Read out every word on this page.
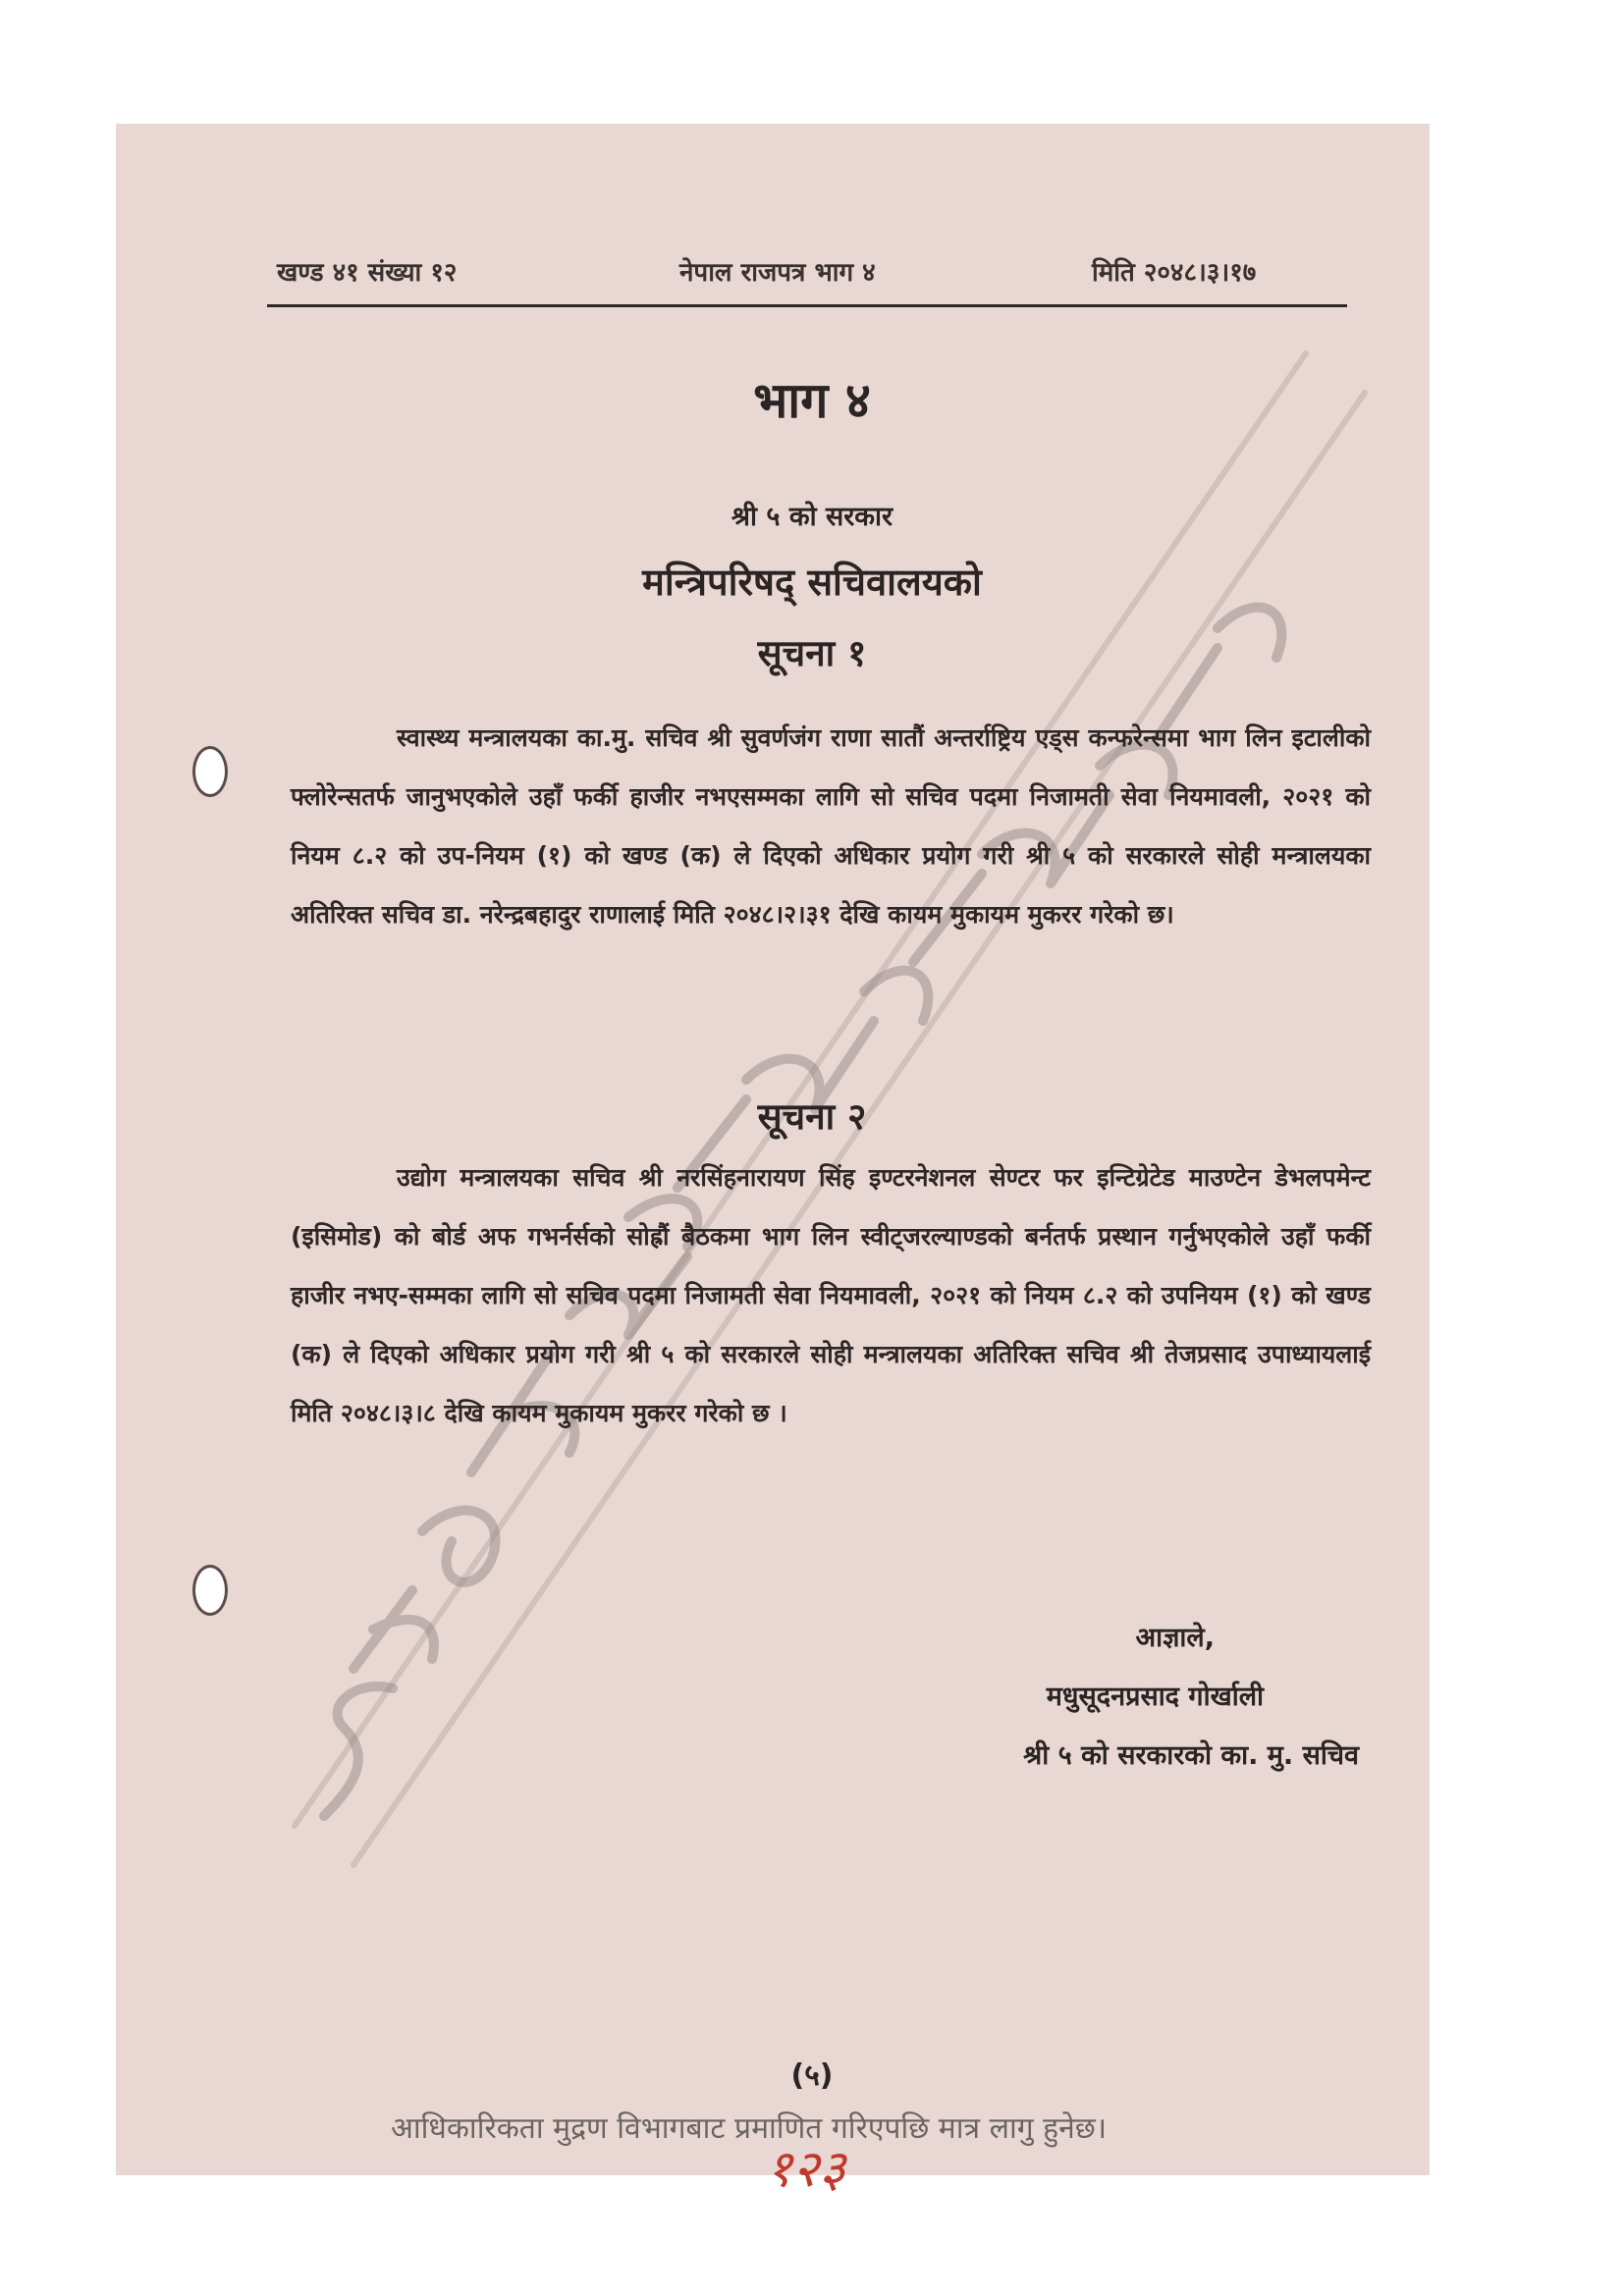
खण्ड ४१ संख्या १२	नेपाल राजपत्र भाग ४	मिति २०४८।३।१७
भाग ४
श्री ५ को सरकार
मन्त्रिपरिषद् सचिवालयको
सूचना १

स्वास्थ्य मन्त्रालयका का.मु. सचिव श्री सुवर्णजंग राणा सातौं अन्तर्राष्ट्रिय एड्स कन्फरेन्समा भाग लिन इटालीको फ्लोरेन्सतर्फ जानुभएकोले उहाँ फर्की हाजीर नभएसम्मका लागि सो सचिव पदमा निजामती सेवा नियमावली, २०२१ को नियम ८.२ को उप-नियम (१) को खण्ड (क) ले दिएको अधिकार प्रयोग गरी श्री ५ को सरकारले सोही मन्त्रालयका अतिरिक्त सचिव डा. नरेन्द्रबहादुर राणालाई मिति २०४८।२।३१ देखि कायम मुकायम मुकरर गरेको छ।

सूचना २

उद्योग मन्त्रालयका सचिव श्री नरसिंहनारायण सिंह इण्टरनेशनल सेण्टर फर इन्टिग्रेटेड माउण्टेन डेभलपमेन्ट (इसिमोड) को बोर्ड अफ गभर्नर्सको सोह्रौं बैठकमा भाग लिन स्वीट्जरल्याण्डको बर्नतर्फ प्रस्थान गर्नुभएकोले उहाँ फर्की हाजीर नभए-सम्मका लागि सो सचिव पदमा निजामती सेवा नियमावली, २०२१ को नियम ८.२ को उपनियम (१) को खण्ड (क) ले दिएको अधिकार प्रयोग गरी श्री ५ को सरकारले सोही मन्त्रालयका अतिरिक्त सचिव श्री तेजप्रसाद उपाध्यायलाई मिति २०४८।३।८ देखि कायम मुकायम मुकरर गरेको छ ।

आज्ञाले,
मधुसूदनप्रसाद गोर्खाली
श्री ५ को सरकारको का. मु. सचिव
(५)
आधिकारिकता मुद्रण विभागबाट प्रमाणित गरिएपछि मात्र लागु हुनेछ।
१२३
